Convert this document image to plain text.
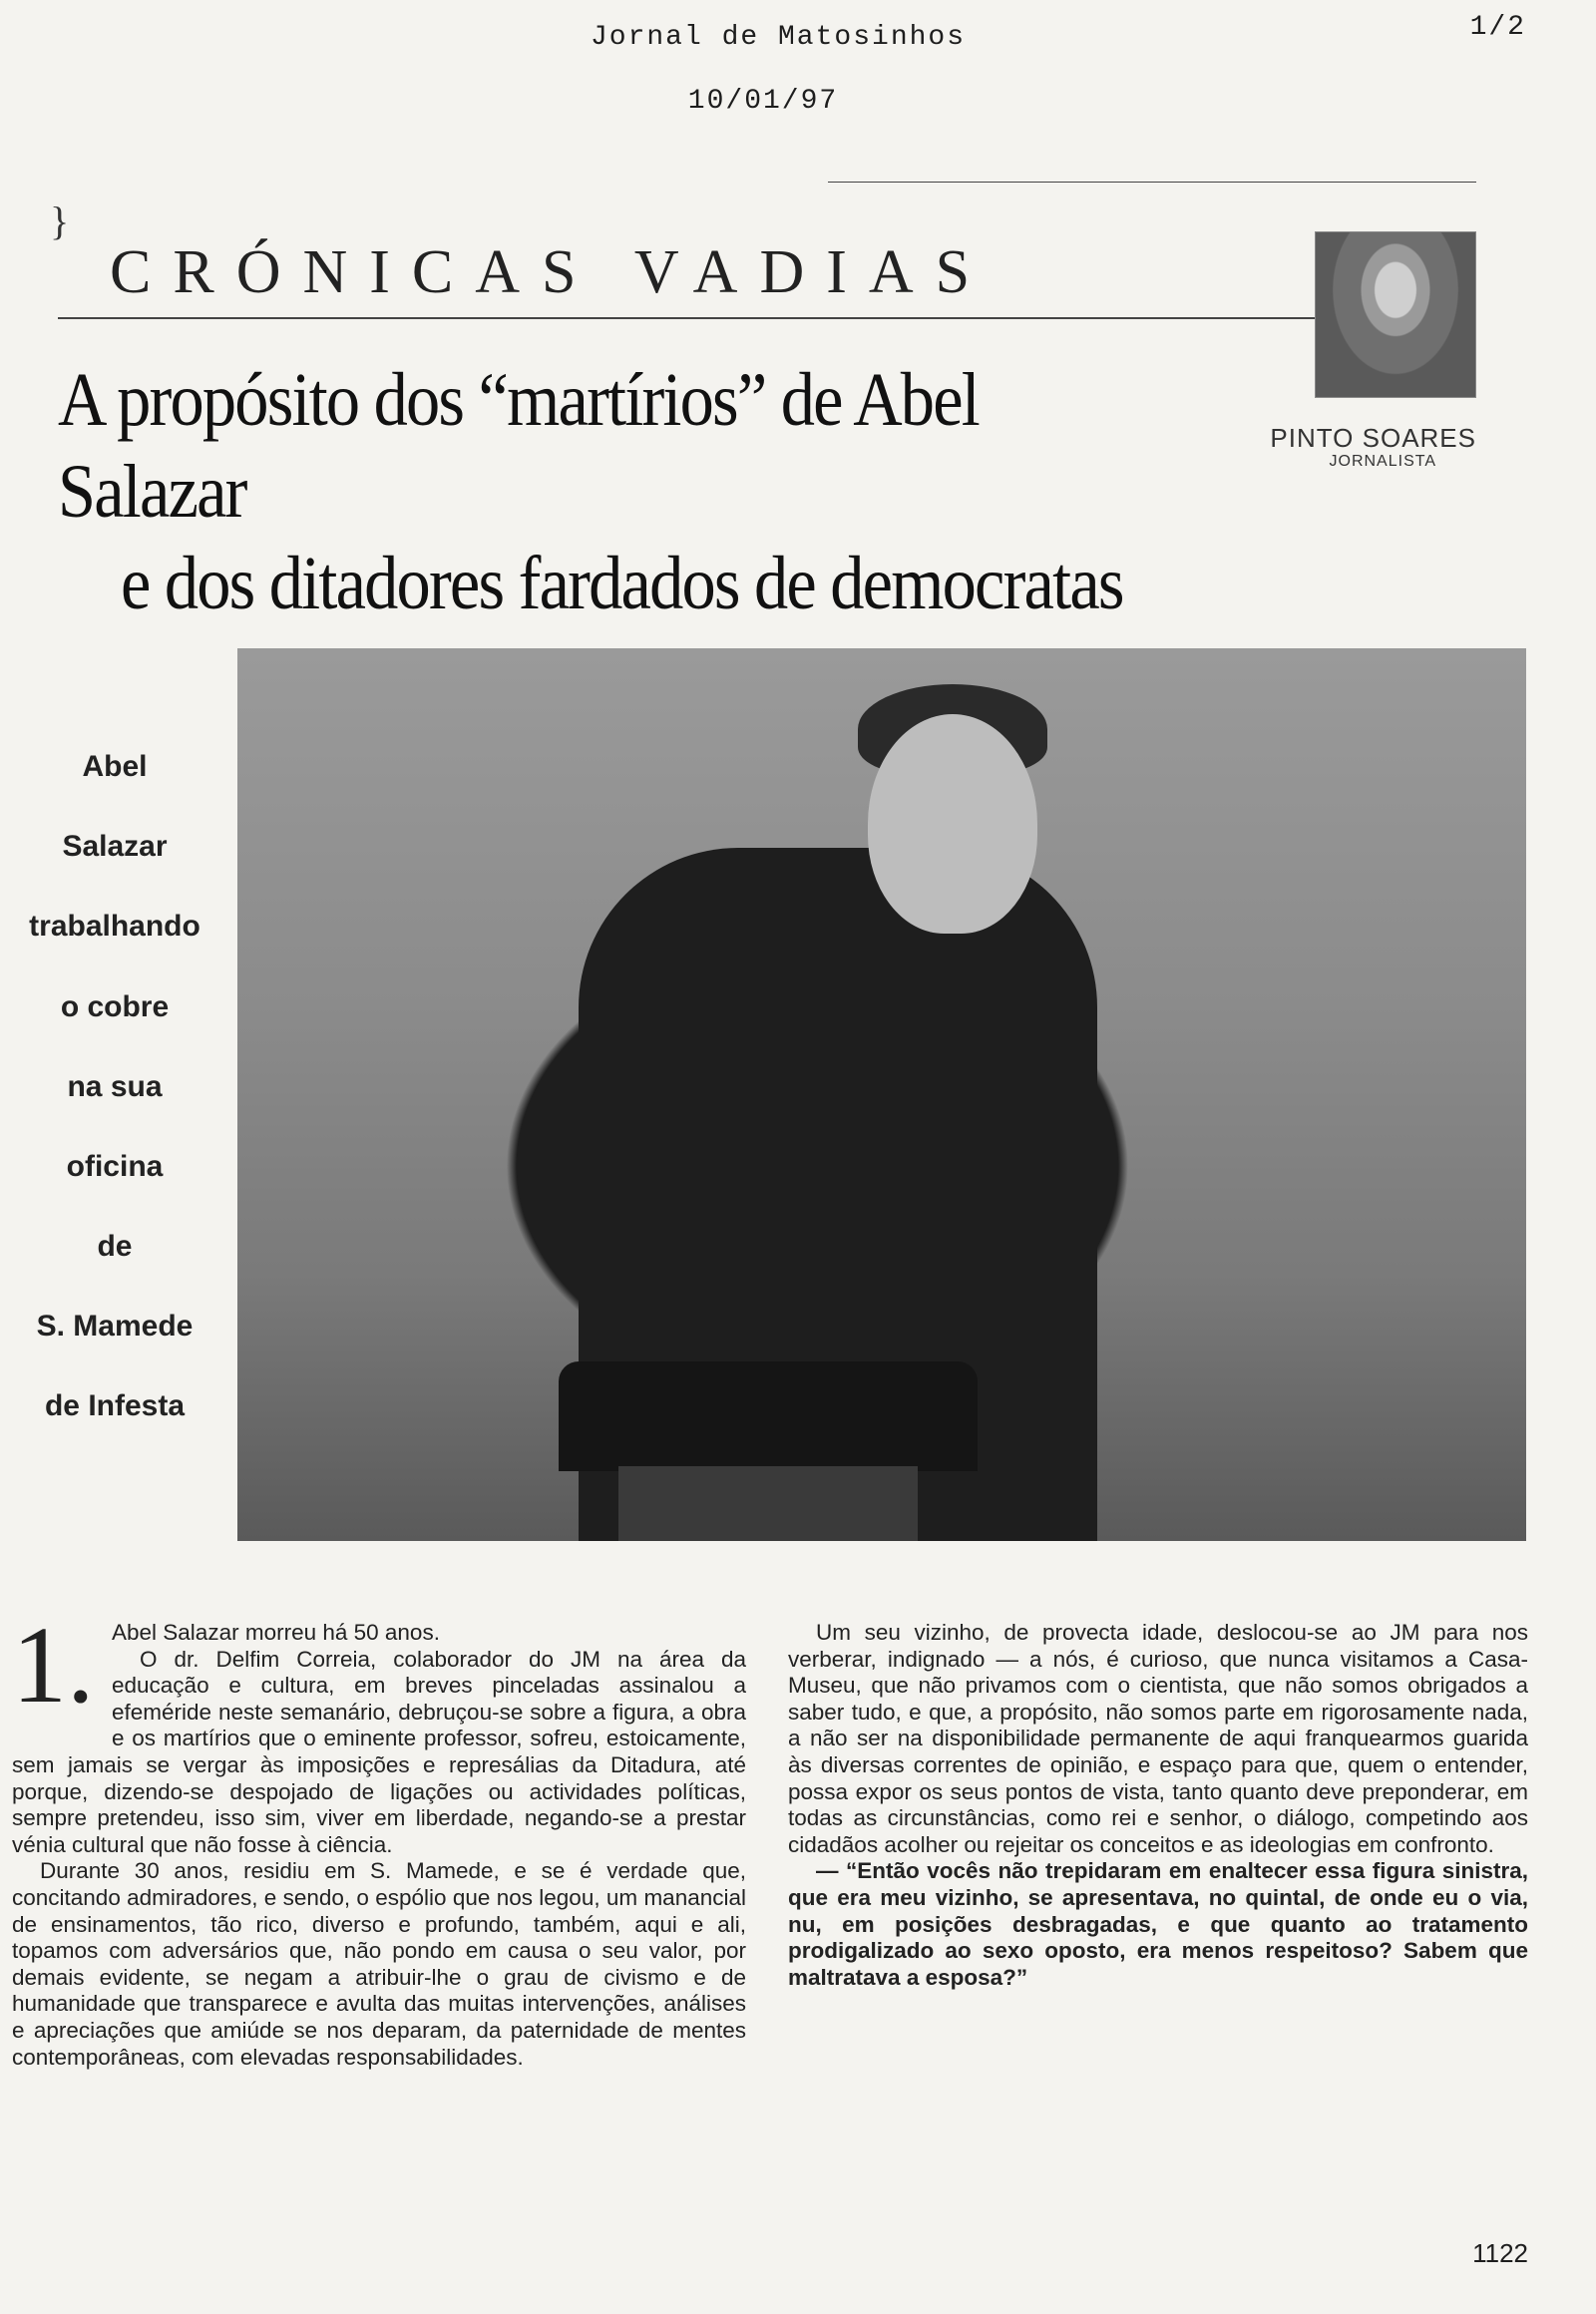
Jornal de Matosinhos
10/01/97
1/2
}
CRÓNICAS VADIAS
A propósito dos “martírios” de Abel Salazar
e dos ditadores fardados de democratas
PINTO SOARES
JORNALISTA
Abel
Salazar
trabalhando
o cobre
na sua
oficina
de
S. Mamede
de Infesta
1. Abel Salazar morreu há 50 anos.

O dr. Delfim Correia, colaborador do JM na área da educação e cultura, em breves pinceladas assinalou a efeméride neste semanário, debruçou-se sobre a figura, a obra e os martírios que o eminente professor, sofreu, estoicamente, sem jamais se vergar às imposições e represálias da Ditadura, até porque, dizendo-se despojado de ligações ou actividades políticas, sempre pretendeu, isso sim, viver em liberdade, negando-se a prestar vénia cultural que não fosse à ciência.

Durante 30 anos, residiu em S. Mamede, e se é verdade que, concitando admiradores, e sendo, o espólio que nos legou, um manancial de ensinamentos, tão rico, diverso e profundo, também, aqui e ali, topamos com adversários que, não pondo em causa o seu valor, por demais evidente, se negam a atribuir-lhe o grau de civismo e de humanidade que transparece e avulta das muitas intervenções, análises e apreciações que amiúde se nos deparam, da paternidade de mentes contemporâneas, com elevadas responsabilidades.

Um seu vizinho, de provecta idade, deslocou-se ao JM para nos verberar, indignado — a nós, é curioso, que nunca visitamos a Casa-Museu, que não privamos com o cientista, que não somos obrigados a saber tudo, e que, a propósito, não somos parte em rigorosamente nada, a não ser na disponibilidade permanente de aqui franquearmos guarida às diversas correntes de opinião, e espaço para que, quem o entender, possa expor os seus pontos de vista, tanto quanto deve preponderar, em todas as circunstâncias, como rei e senhor, o diálogo, competindo aos cidadãos acolher ou rejeitar os conceitos e as ideologias em confronto.

— “Então vocês não trepidaram em enaltecer essa figura sinistra, que era meu vizinho, se apresentava, no quintal, de onde eu o via, nu, em posições desbragadas, e que quanto ao tratamento prodigalizado ao sexo oposto, era menos respeitoso? Sabem que maltratava a esposa?”

1122
